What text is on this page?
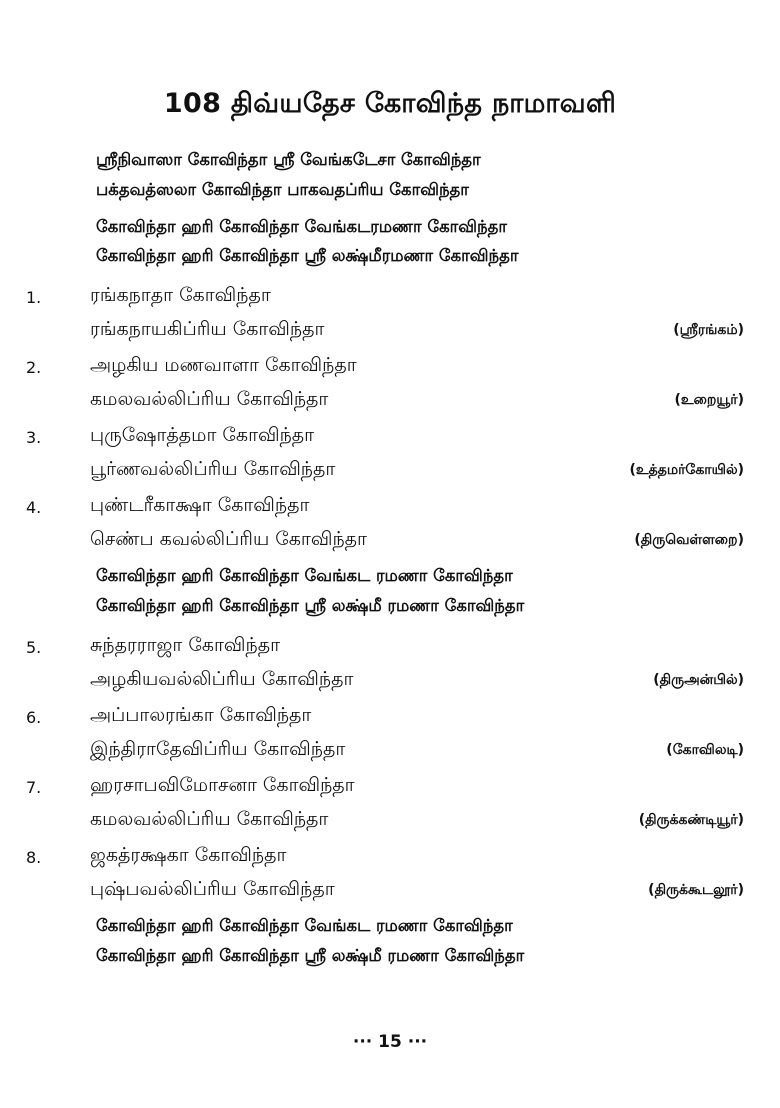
108 திவ்யதேச கோவிந்த நாமாவளி
ஸ்ரீநிவாஸா கோவிந்தா ஸ்ரீ வேங்கடேசா கோவிந்தா
பக்தவத்ஸலா கோவிந்தா பாகவதப்ரிய கோவிந்தா
கோவிந்தா ஹரி கோவிந்தா வேங்கடரமணா கோவிந்தா
கோவிந்தா ஹரி கோவிந்தா ஸ்ரீ லக்ஷ்மீரமணா கோவிந்தா
1.	ரங்கநாதா கோவிந்தா
ரங்கநாயகிப்ரிய கோவிந்தா	(ஸ்ரீரங்கம்)
2.	அழகிய மணவாளா கோவிந்தா
கமலவல்லிப்ரிய கோவிந்தா	(உறையூர்)
3.	புருஷோத்தமா கோவிந்தா
பூர்ணவல்லிப்ரிய கோவிந்தா	(உத்தமர்கோயில்)
4.	புண்டரீகாக்ஷா கோவிந்தா
செண்ப கவல்லிப்ரிய கோவிந்தா	(திருவெள்ளறை)
கோவிந்தா ஹரி கோவிந்தா வேங்கட ரமணா கோவிந்தா
கோவிந்தா ஹரி கோவிந்தா ஸ்ரீ லக்ஷ்மீ ரமணா கோவிந்தா
5.	சுந்தரராஜா கோவிந்தா
அழகியவல்லிப்ரிய கோவிந்தா	(திருஅன்பில்)
6.	அப்பாலரங்கா கோவிந்தா
இந்திராதேவிப்ரிய கோவிந்தா	(கோவிலடி)
7.	ஹரசாபவிமோசனா கோவிந்தா
கமலவல்லிப்ரிய கோவிந்தா	(திருக்கண்டியூர்)
8.	ஜகத்ரக்ஷகா கோவிந்தா
புஷ்பவல்லிப்ரிய கோவிந்தா	(திருக்கூடலூர்)
கோவிந்தா ஹரி கோவிந்தா வேங்கட ரமணா கோவிந்தா
கோவிந்தா ஹரி கோவிந்தா ஸ்ரீ லக்ஷ்மீ ரமணா கோவிந்தா
··· 15 ···
